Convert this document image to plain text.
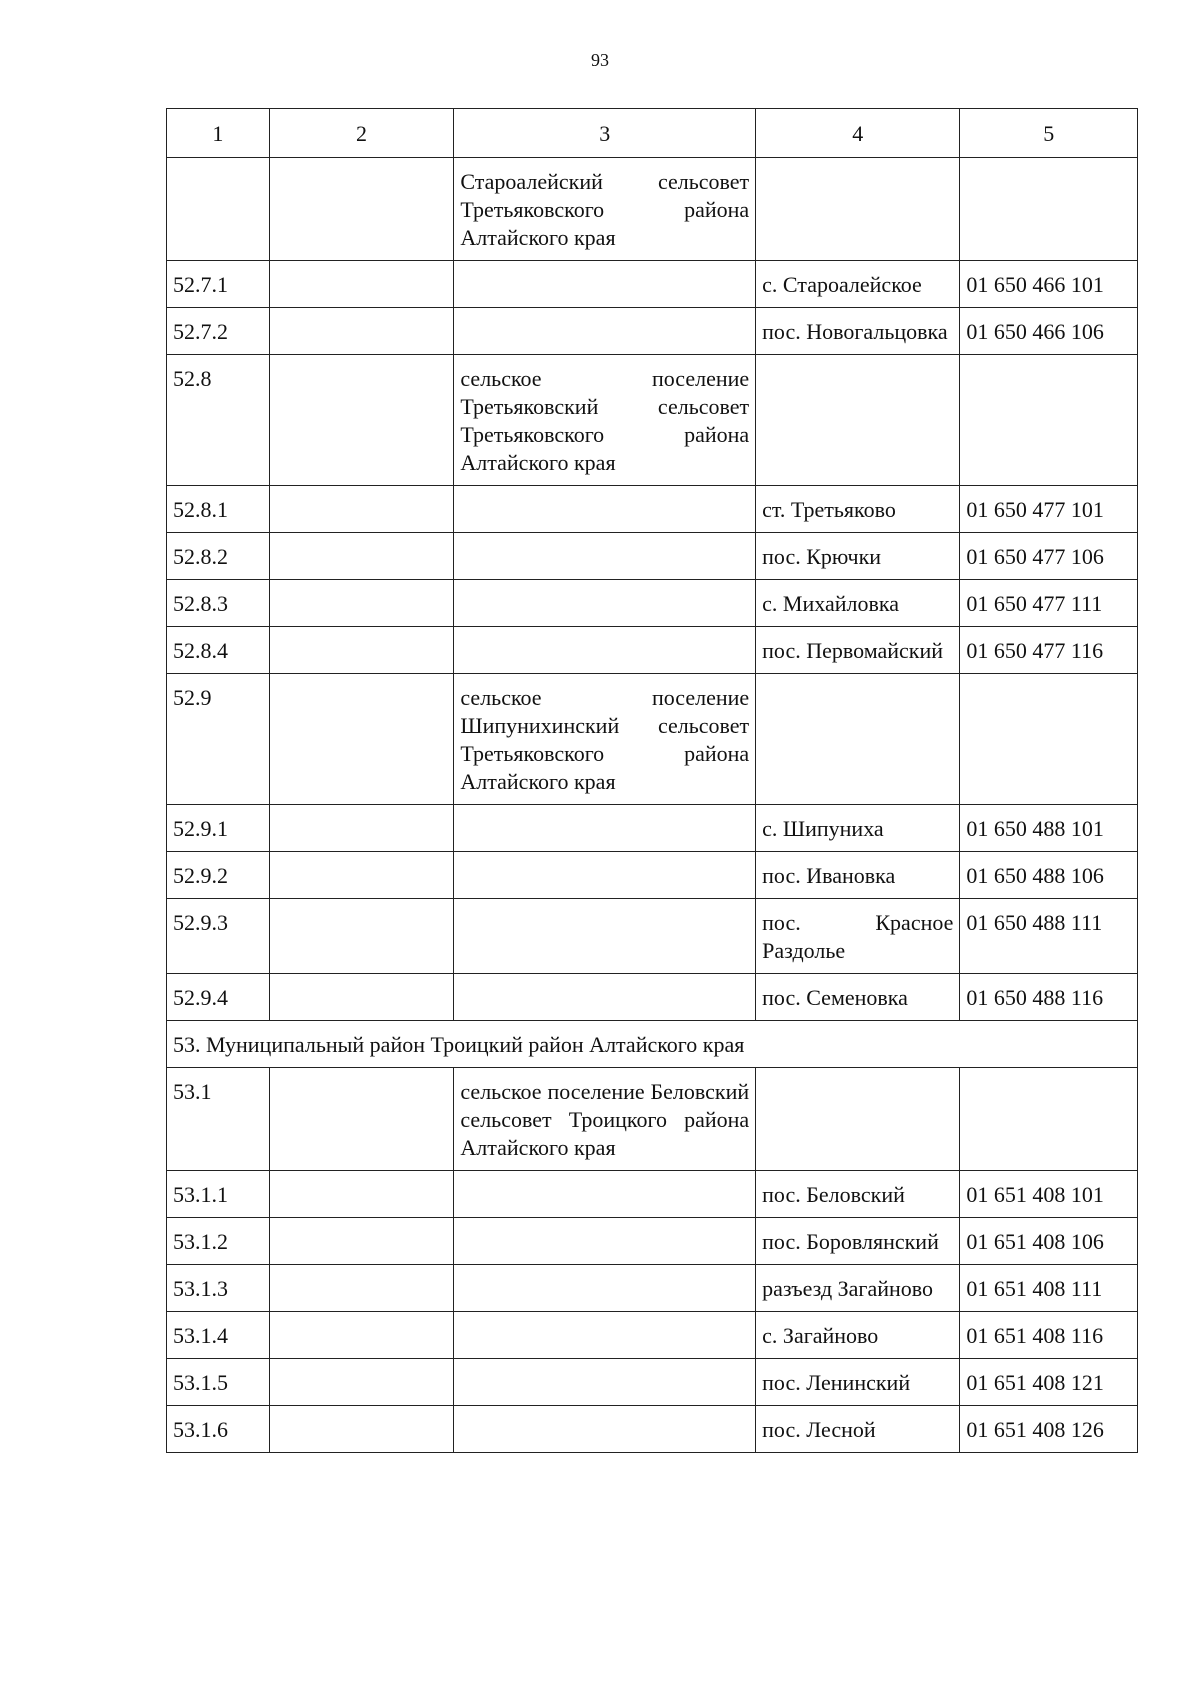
93
1	2	3	4	5
		Староалейский сельсовет Третьяковского района Алтайского края		
52.7.1			с. Староалейское	01 650 466 101
52.7.2			пос. Новогальцовка	01 650 466 106
52.8		сельское поселение Третьяковский сельсовет Третьяковского района Алтайского края		
52.8.1			ст. Третьяково	01 650 477 101
52.8.2			пос. Крючки	01 650 477 106
52.8.3			с. Михайловка	01 650 477 111
52.8.4			пос. Первомайский	01 650 477 116
52.9		сельское поселение Шипунихинский сельсовет Третьяковского района Алтайского края		
52.9.1			с. Шипуниха	01 650 488 101
52.9.2			пос. Ивановка	01 650 488 106
52.9.3			пос. Красное Раздолье	01 650 488 111
52.9.4			пос. Семеновка	01 650 488 116
53. Муниципальный район Троицкий район Алтайского края				
53.1		сельское поселение Беловский сельсовет Троицкого района Алтайского края		
53.1.1			пос. Беловский	01 651 408 101
53.1.2			пос. Боровлянский	01 651 408 106
53.1.3			разъезд Загайново	01 651 408 111
53.1.4			с. Загайново	01 651 408 116
53.1.5			пос. Ленинский	01 651 408 121
53.1.6			пос. Лесной	01 651 408 126
